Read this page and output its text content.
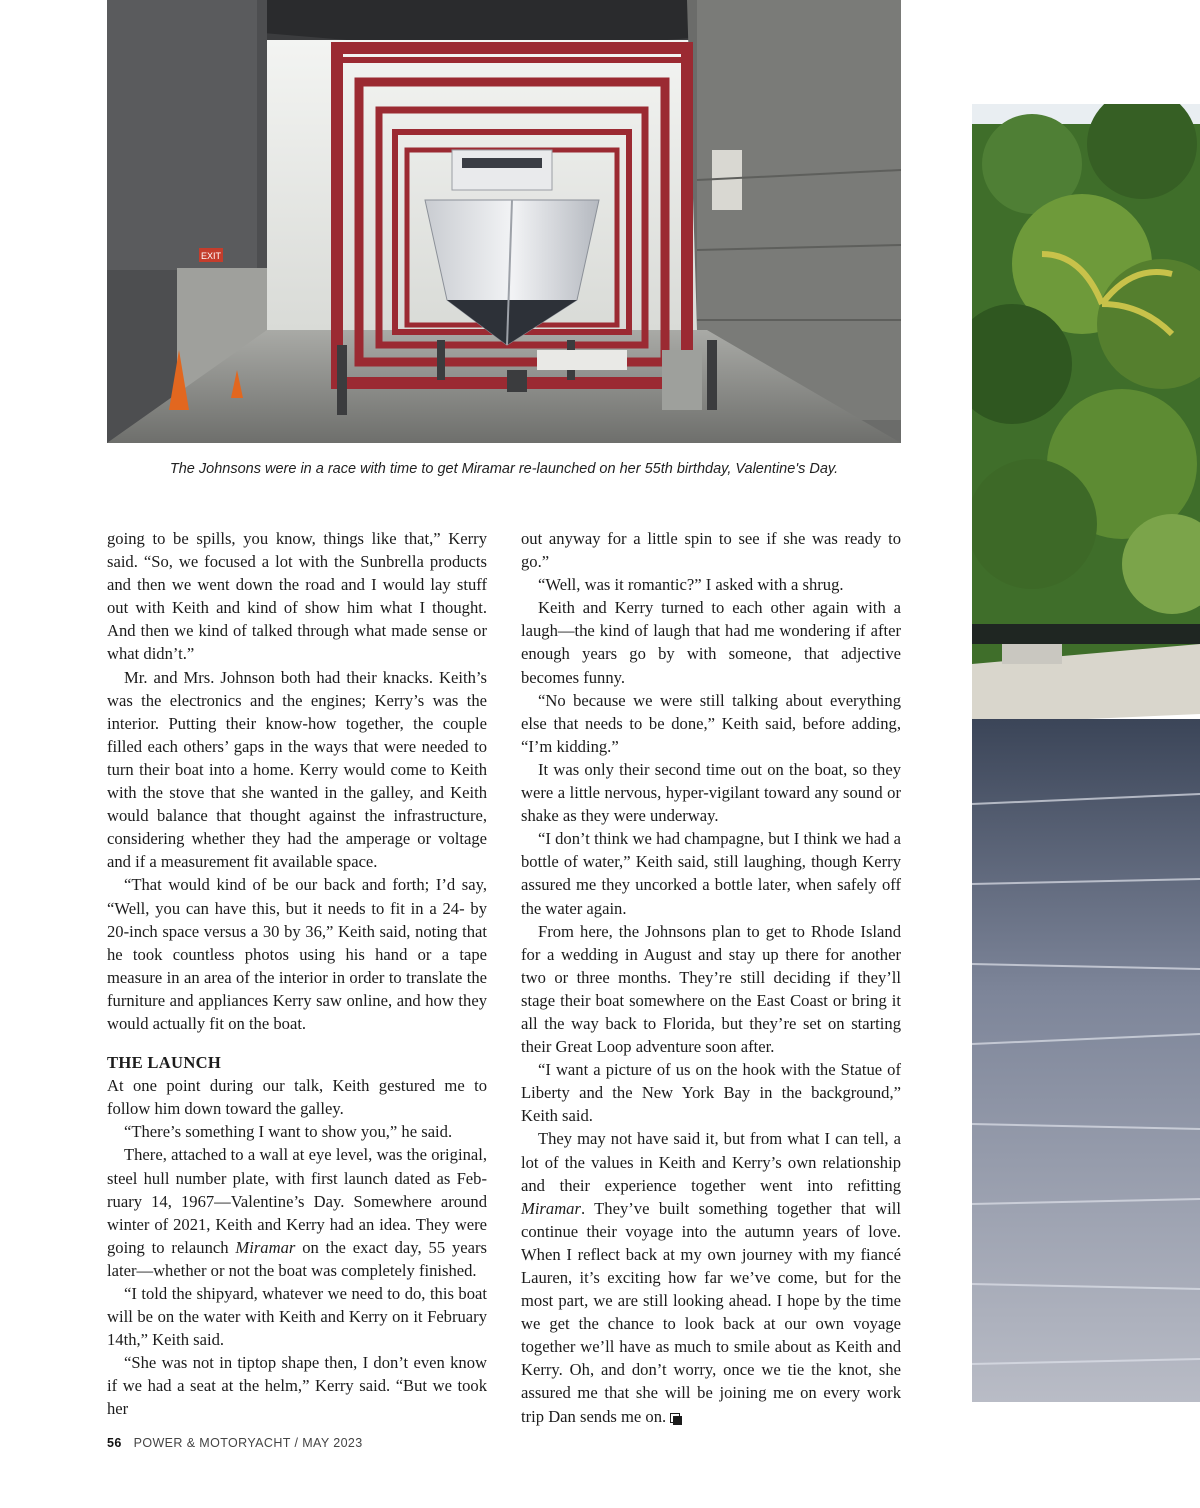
EXIT
The Johnsons were in a race with time to get Miramar re-launched on her 55th birthday, Valentine's Day.

going to be spills, you know, things like that,” Kerry said. “So, we focused a lot with the Sunbrella products and then we went down the road and I would lay stuff out with Keith and kind of show him what I thought. And then we kind of talked through what made sense or what didn’t.”

Mr. and Mrs. Johnson both had their knacks. Keith’s was the electronics and the engines; Kerry’s was the interior. Putting their know-how together, the couple filled each others’ gaps in the ways that were needed to turn their boat into a home. Kerry would come to Keith with the stove that she wanted in the galley, and Keith would balance that thought against the infrastructure, considering whether they had the amperage or voltage and if a measurement fit available space.

“That would kind of be our back and forth; I’d say, “Well, you can have this, but it needs to fit in a 24- by 20-inch space versus a 30 by 36,” Keith said, noting that he took countless photos using his hand or a tape measure in an area of the interior in order to translate the furniture and appliances Kerry saw online, and how they would actually fit on the boat.

THE LAUNCH

At one point during our talk, Keith gestured me to follow him down toward the galley.

“There’s something I want to show you,” he said.

There, attached to a wall at eye level, was the original, steel hull number plate, with first launch dated as February 14, 1967—Valentine’s Day. Somewhere around winter of 2021, Keith and Kerry had an idea. They were going to relaunch Miramar on the exact day, 55 years later—whether or not the boat was completely finished.

“I told the shipyard, whatever we need to do, this boat will be on the water with Keith and Kerry on it February 14th,” Keith said.

“She was not in tiptop shape then, I don’t even know if we had a seat at the helm,” Kerry said. “But we took her

out anyway for a little spin to see if she was ready to go.”

“Well, was it romantic?” I asked with a shrug.

Keith and Kerry turned to each other again with a laugh—the kind of laugh that had me wondering if after enough years go by with someone, that adjective becomes funny.

“No because we were still talking about everything else that needs to be done,” Keith said, before adding, “I’m kidding.”

It was only their second time out on the boat, so they were a little nervous, hyper-vigilant toward any sound or shake as they were underway.

“I don’t think we had champagne, but I think we had a bottle of water,” Keith said, still laughing, though Kerry assured me they uncorked a bottle later, when safely off the water again.

From here, the Johnsons plan to get to Rhode Island for a wedding in August and stay up there for another two or three months. They’re still deciding if they’ll stage their boat somewhere on the East Coast or bring it all the way back to Florida, but they’re set on starting their Great Loop adventure soon after.

“I want a picture of us on the hook with the Statue of Liberty and the New York Bay in the background,” Keith said.

They may not have said it, but from what I can tell, a lot of the values in Keith and Kerry’s own relationship and their experience together went into refitting Miramar. They’ve built something together that will continue their voyage into the autumn years of love. When I reflect back at my own journey with my fiancé Lauren, it’s exciting how far we’ve come, but for the most part, we are still looking ahead. I hope by the time we get the chance to look back at our own voyage together we’ll have as much to smile about as Keith and Kerry. Oh, and don’t worry, once we tie the knot, she assured me that she will be joining me on every work trip Dan sends me on.

56 POWER & MOTORYACHT / MAY 2023
